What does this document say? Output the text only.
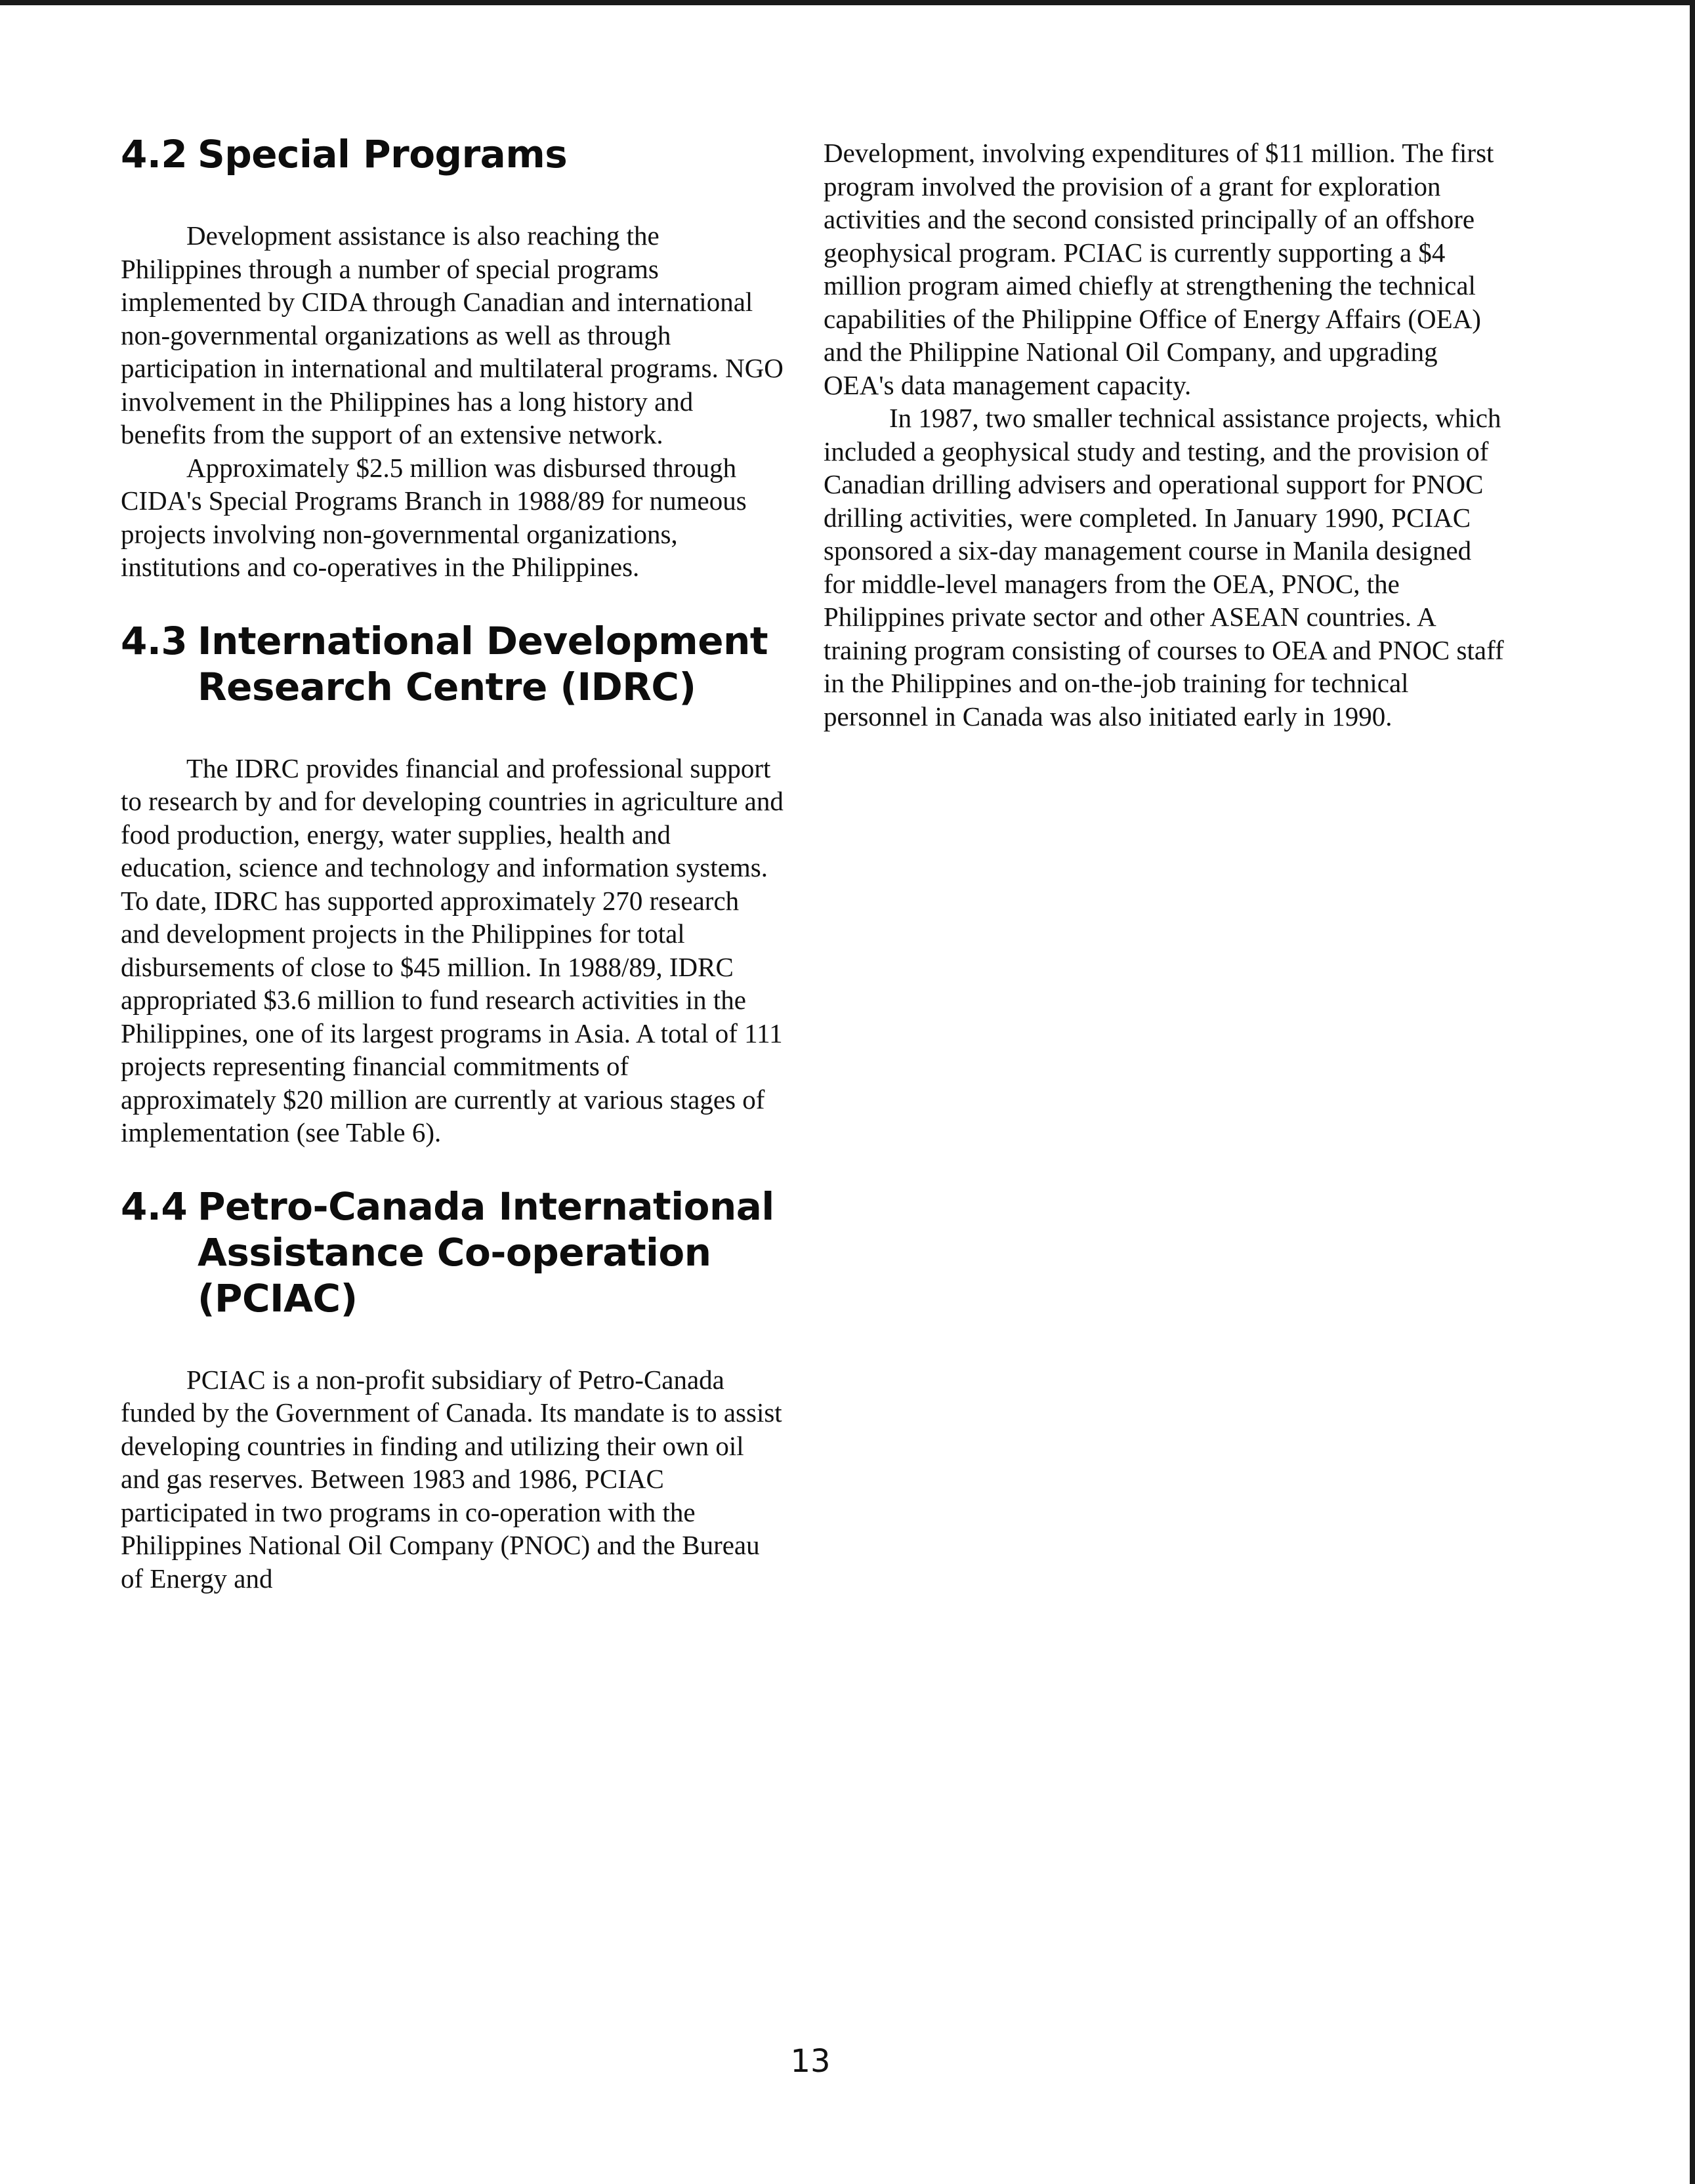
4.2 Special Programs

Development assistance is also reaching the Philippines through a number of special programs implemented by CIDA through Canadian and international non-governmental organizations as well as through participation in international and multilateral programs. NGO involvement in the Philippines has a long history and benefits from the support of an extensive network.

Approximately $2.5 million was disbursed through CIDA's Special Programs Branch in 1988/89 for numeous projects involving non-governmental organizations, institutions and co-operatives in the Philippines.

4.3 International Development
Research Centre (IDRC)

The IDRC provides financial and professional support to research by and for developing countries in agriculture and food production, energy, water supplies, health and education, science and technology and information systems. To date, IDRC has supported approximately 270 research and development projects in the Philippines for total disbursements of close to $45 million. In 1988/89, IDRC appropriated $3.6 million to fund research activities in the Philippines, one of its largest programs in Asia. A total of 111 projects representing financial commitments of approximately $20 million are currently at various stages of implementation (see Table 6).

4.4 Petro-Canada International
Assistance Co-operation
(PCIAC)

PCIAC is a non-profit subsidiary of Petro-Canada funded by the Government of Canada. Its mandate is to assist developing countries in finding and utilizing their own oil and gas reserves. Between 1983 and 1986, PCIAC participated in two programs in co-operation with the Philippines National Oil Company (PNOC) and the Bureau of Energy and

Development, involving expenditures of $11 million. The first program involved the provision of a grant for exploration activities and the second consisted principally of an offshore geophysical program. PCIAC is currently supporting a $4 million program aimed chiefly at strengthening the technical capabilities of the Philippine Office of Energy Affairs (OEA) and the Philippine National Oil Company, and upgrading OEA's data management capacity.

In 1987, two smaller technical assistance projects, which included a geophysical study and testing, and the provision of Canadian drilling advisers and operational support for PNOC drilling activities, were completed. In January 1990, PCIAC sponsored a six-day management course in Manila designed for middle-level managers from the OEA, PNOC, the Philippines private sector and other ASEAN countries. A training program consisting of courses to OEA and PNOC staff in the Philippines and on-the-job training for technical personnel in Canada was also initiated early in 1990.

13
